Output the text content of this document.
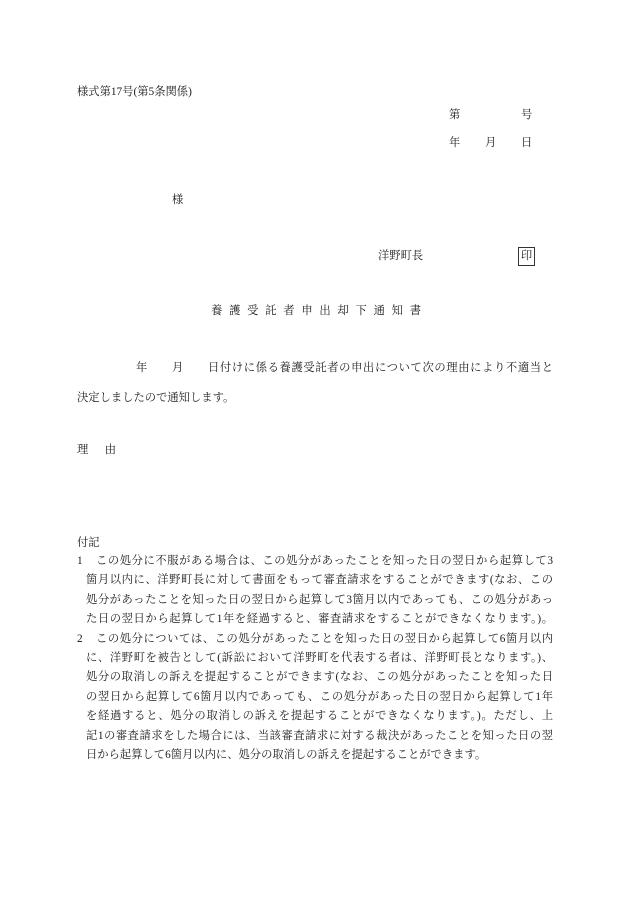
様式第17号(第5条関係)
第	号
年 月 日
様
洋野町長	印
養護受託者申出却下通知書
年 月 日付けに係る養護受託者の申出について次の理由により不適当と
決定しましたので通知します。
理由
付記
1 この処分に不服がある場合は、この処分があったことを知った日の翌日から起算して3
箇月以内に、洋野町長に対して書面をもって審査請求をすることができます(なお、この
処分があったことを知った日の翌日から起算して3箇月以内であっても、この処分があっ
た日の翌日から起算して1年を経過すると、審査請求をすることができなくなります。)。
2 この処分については、この処分があったことを知った日の翌日から起算して6箇月以内
に、洋野町を被告として(訴訟において洋野町を代表する者は、洋野町長となります。)、
処分の取消しの訴えを提起することができます(なお、この処分があったことを知った日
の翌日から起算して6箇月以内であっても、この処分があった日の翌日から起算して1年
を経過すると、処分の取消しの訴えを提起することができなくなります。)。ただし、上
記1の審査請求をした場合には、当該審査請求に対する裁決があったことを知った日の翌
日から起算して6箇月以内に、処分の取消しの訴えを提起することができます。
